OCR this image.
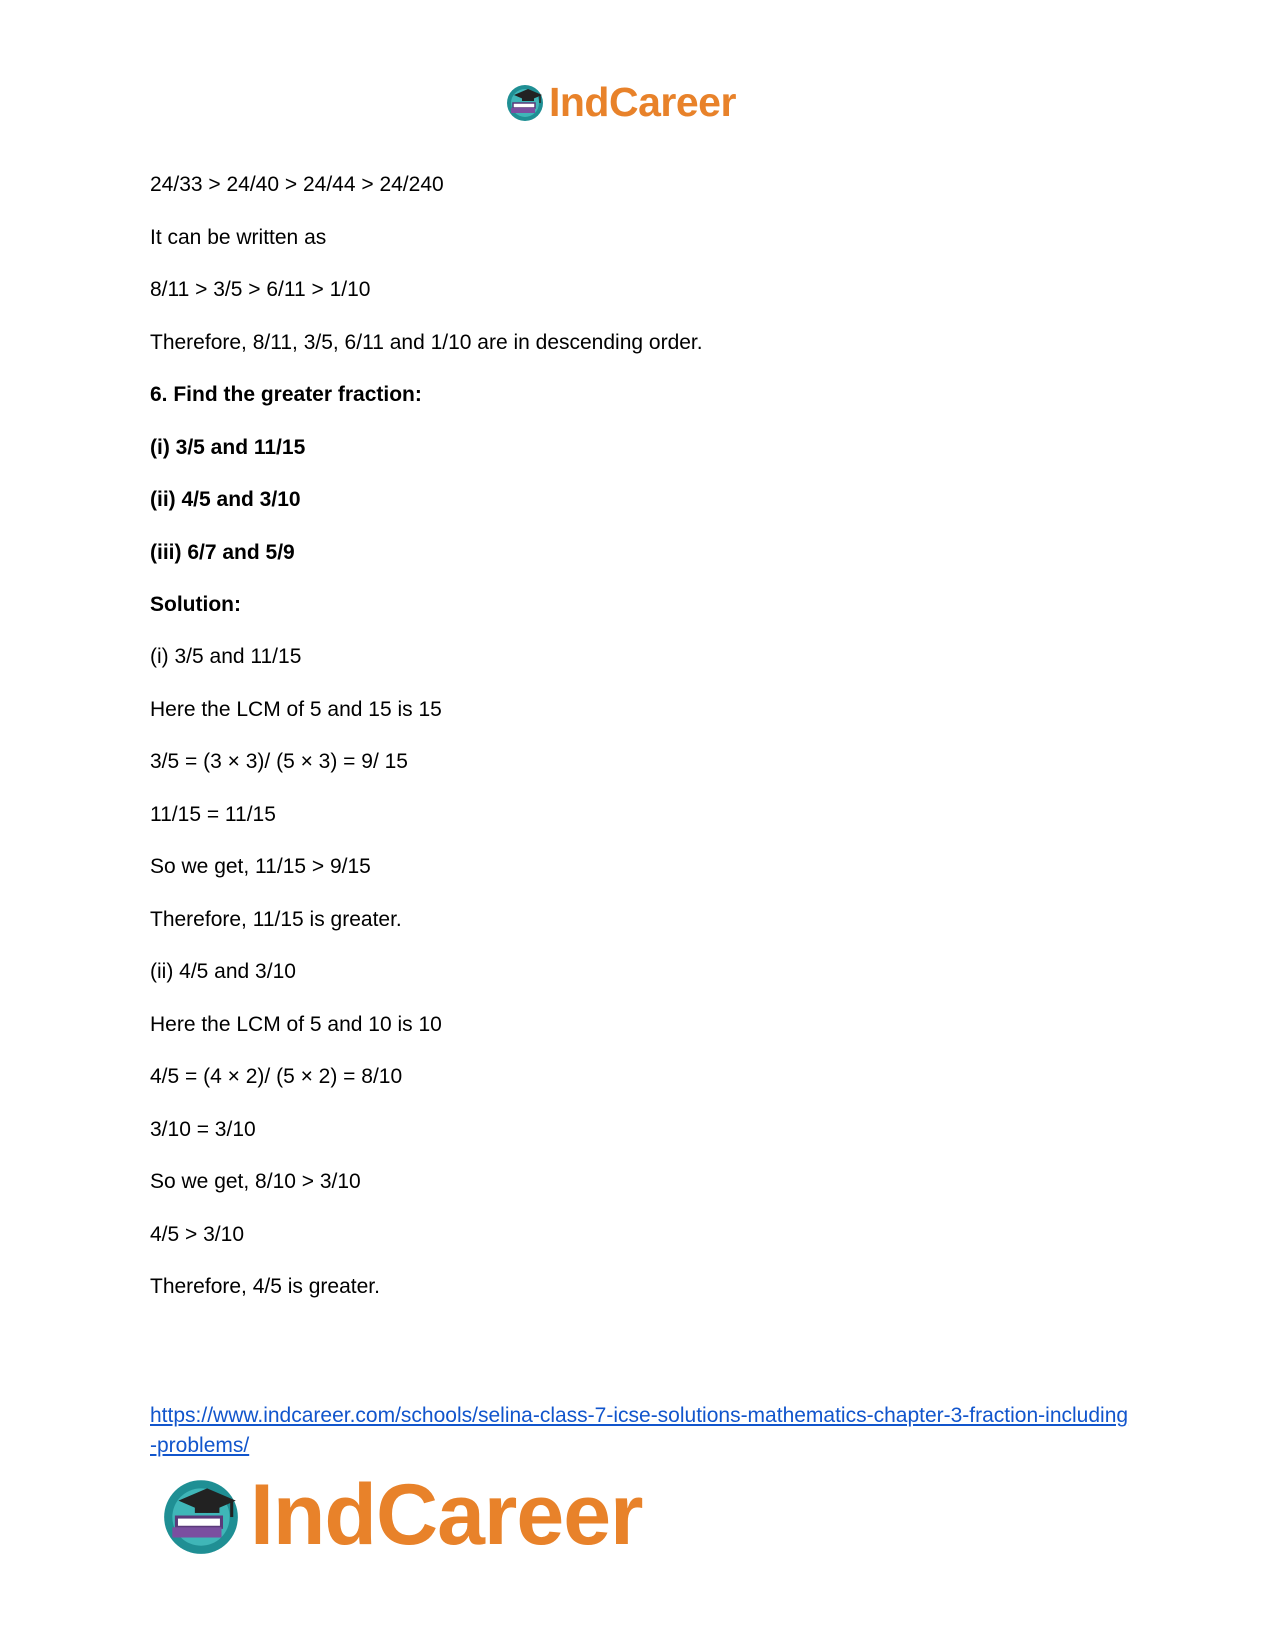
IndCareer
24/33 > 24/40 > 24/44 > 24/240
It can be written as
8/11 > 3/5 > 6/11 > 1/10
Therefore, 8/11, 3/5, 6/11 and 1/10 are in descending order.
6. Find the greater fraction:
(i) 3/5 and 11/15
(ii) 4/5 and 3/10
(iii) 6/7 and 5/9
Solution:
(i) 3/5 and 11/15
Here the LCM of 5 and 15 is 15
3/5 = (3 × 3)/ (5 × 3) = 9/ 15
11/15 = 11/15
So we get, 11/15 > 9/15
Therefore, 11/15 is greater.
(ii) 4/5 and 3/10
Here the LCM of 5 and 10 is 10
4/5 = (4 × 2)/ (5 × 2) = 8/10
3/10 = 3/10
So we get, 8/10 > 3/10
4/5 > 3/10
Therefore, 4/5 is greater.
https://www.indcareer.com/schools/selina-class-7-icse-solutions-mathematics-chapter-3-fraction-including-problems/
IndCareer
